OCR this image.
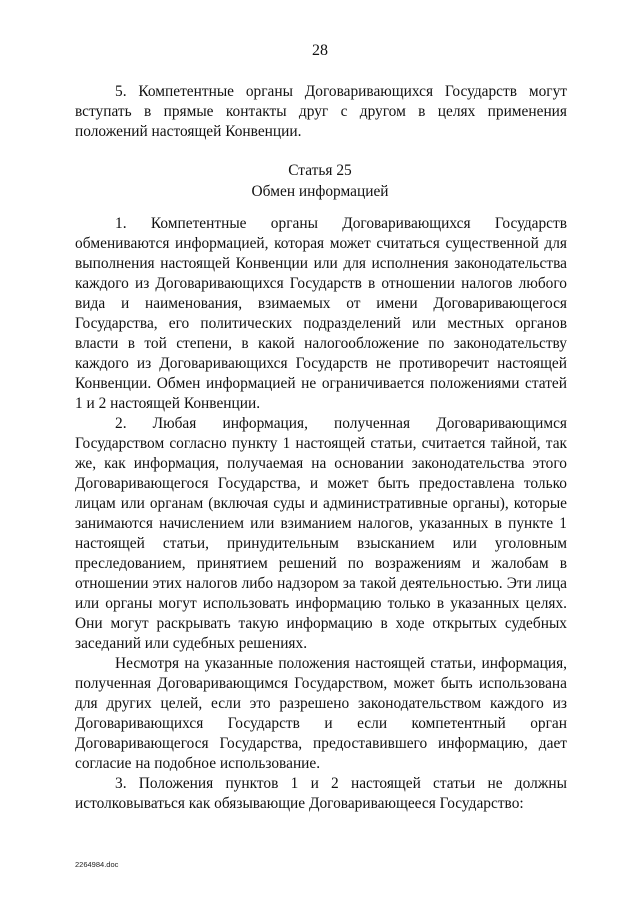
28

5. Компетентные органы Договаривающихся Государств могут вступать в прямые контакты друг с другом в целях применения положений настоящей Конвенции.

Статья 25
Обмен информацией

1. Компетентные органы Договаривающихся Государств обмениваются информацией, которая может считаться существенной для выполнения настоящей Конвенции или для исполнения законодательства каждого из Договаривающихся Государств в отношении налогов любого вида и наименования, взимаемых от имени Договаривающегося Государства, его политических подразделений или местных органов власти в той степени, в какой налогообложение по законодательству каждого из Договаривающихся Государств не противоречит настоящей Конвенции. Обмен информацией не ограничивается положениями статей 1 и 2 настоящей Конвенции.

2. Любая информация, полученная Договаривающимся Государством согласно пункту 1 настоящей статьи, считается тайной, так же, как информация, получаемая на основании законодательства этого Договаривающегося Государства, и может быть предоставлена только лицам или органам (включая суды и административные органы), которые занимаются начислением или взиманием налогов, указанных в пункте 1 настоящей статьи, принудительным взысканием или уголовным преследованием, принятием решений по возражениям и жалобам в отношении этих налогов либо надзором за такой деятельностью. Эти лица или органы могут использовать информацию только в указанных целях. Они могут раскрывать такую информацию в ходе открытых судебных заседаний или судебных решениях.

Несмотря на указанные положения настоящей статьи, информация, полученная Договаривающимся Государством, может быть использована для других целей, если это разрешено законодательством каждого из Договаривающихся Государств и если компетентный орган Договаривающегося Государства, предоставившего информацию, дает согласие на подобное использование.

3. Положения пунктов 1 и 2 настоящей статьи не должны истолковываться как обязывающие Договаривающееся Государство:

2264984.doc
